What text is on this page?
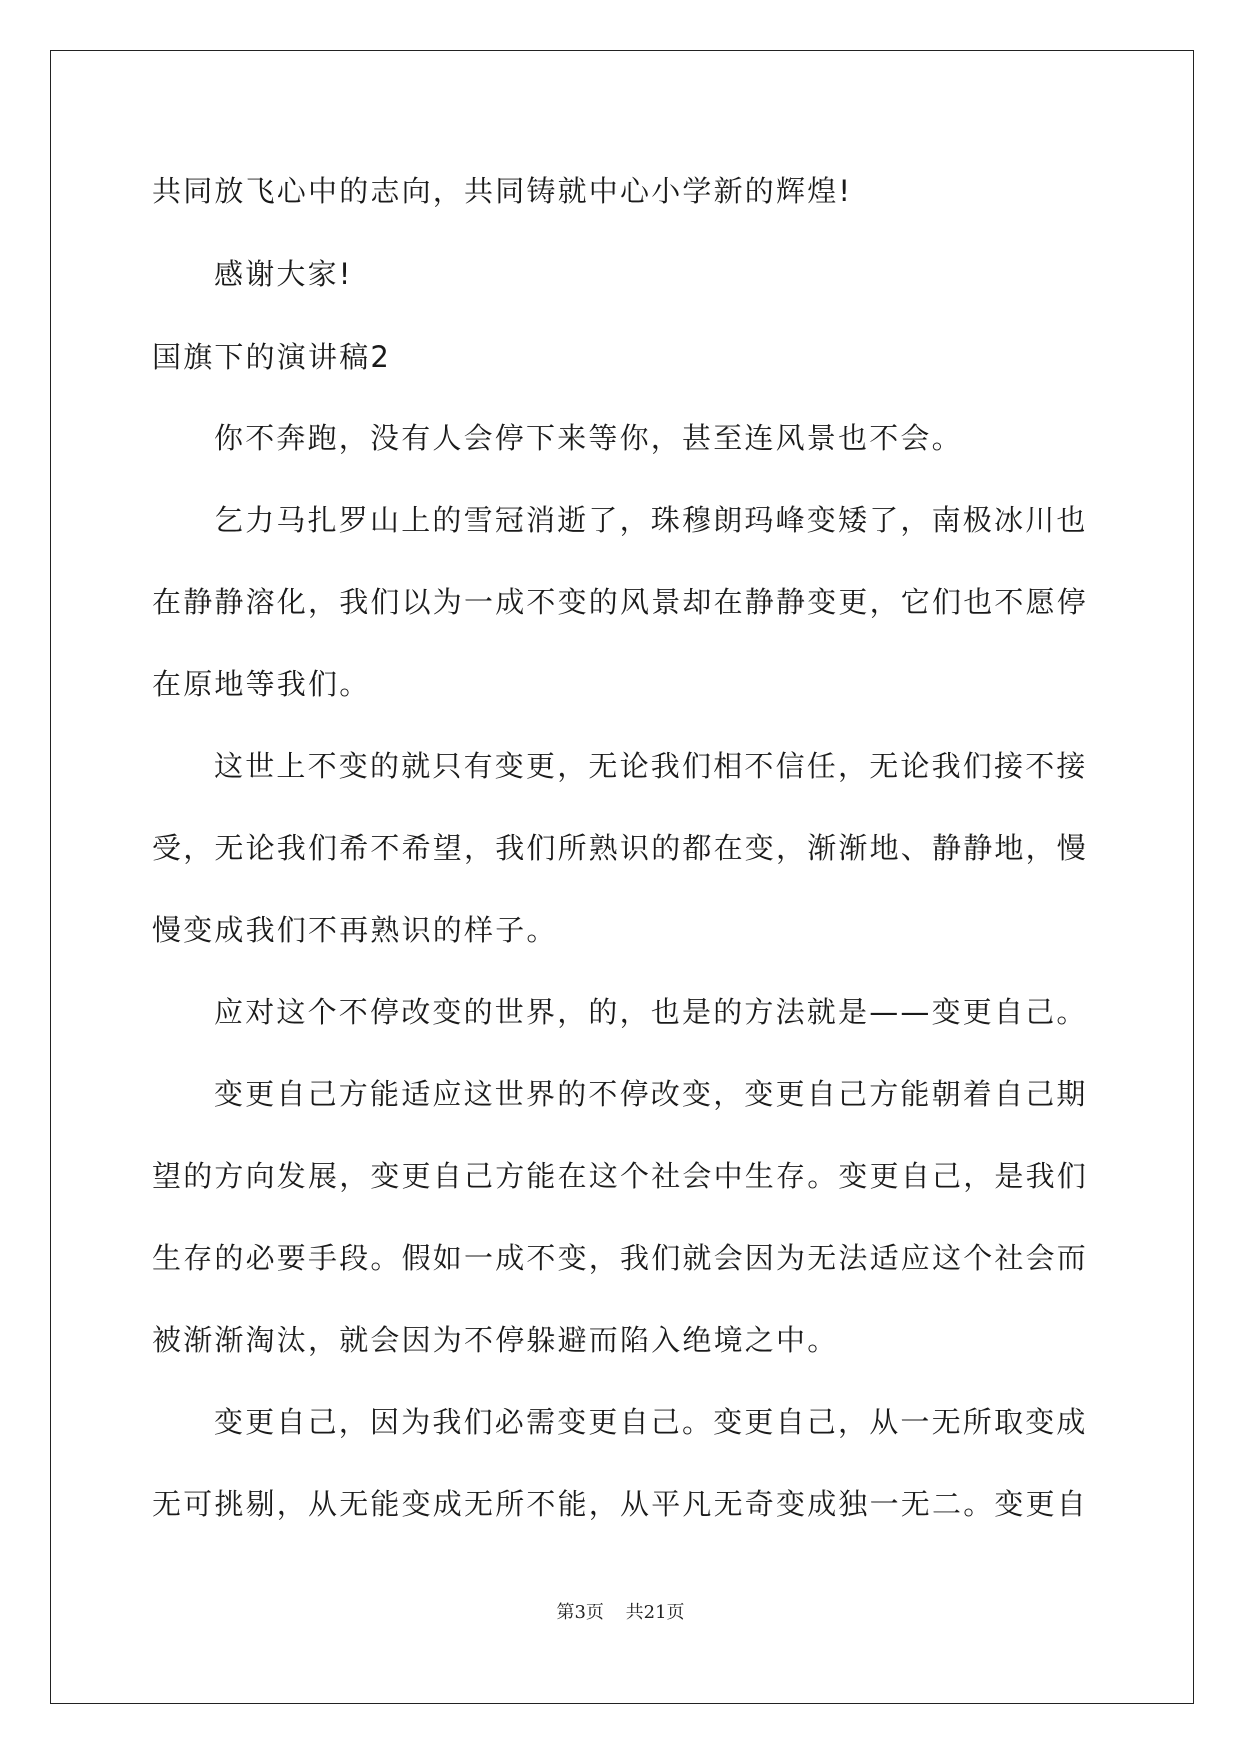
共同放飞心中的志向，共同铸就中心小学新的辉煌!
感谢大家!
国旗下的演讲稿2
你不奔跑，没有人会停下来等你，甚至连风景也不会。
乞力马扎罗山上的雪冠消逝了，珠穆朗玛峰变矮了，南极冰川也
在静静溶化，我们以为一成不变的风景却在静静变更，它们也不愿停
在原地等我们。
这世上不变的就只有变更，无论我们相不信任，无论我们接不接
受，无论我们希不希望，我们所熟识的都在变，渐渐地、静静地，慢
慢变成我们不再熟识的样子。
应对这个不停改变的世界，的，也是的方法就是——变更自己。
变更自己方能适应这世界的不停改变，变更自己方能朝着自己期
望的方向发展，变更自己方能在这个社会中生存。变更自己，是我们
生存的必要手段。假如一成不变，我们就会因为无法适应这个社会而
被渐渐淘汰，就会因为不停躲避而陷入绝境之中。
变更自己，因为我们必需变更自己。变更自己，从一无所取变成
无可挑剔，从无能变成无所不能，从平凡无奇变成独一无二。变更自
第3页 共21页
